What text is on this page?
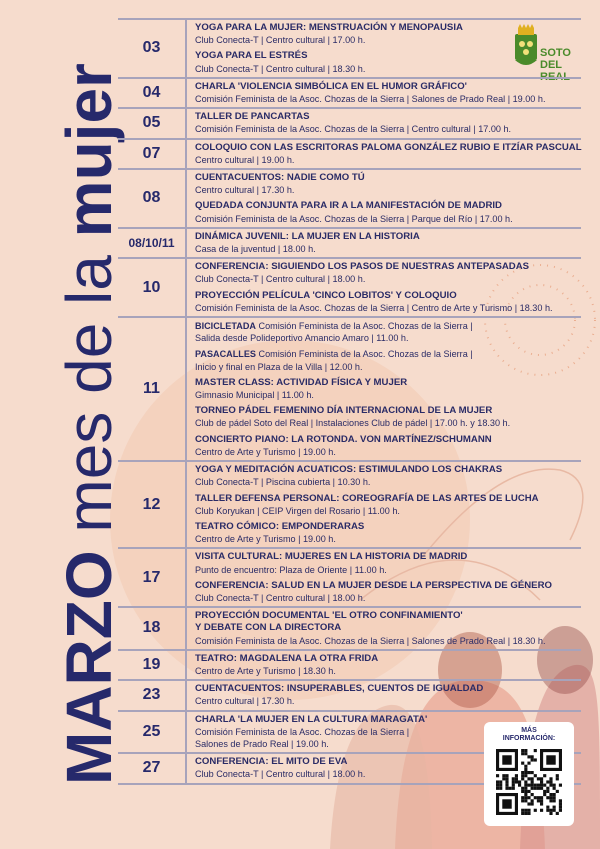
MARZO mes de la mujer
SOTO
DEL
REAL
03
YOGA PARA LA MUJER: MENSTRUACIÓN Y MENOPAUSIA
Club Conecta-T | Centro cultural | 17.00 h.
YOGA PARA EL ESTRÉS
Club Conecta-T | Centro cultural | 18.30 h.
04	CHARLA 'VIOLENCIA SIMBÓLICA EN EL HUMOR GRÁFICO'
Comisión Feminista de la Asoc. Chozas de la Sierra | Salones de Prado Real | 19.00 h.
05	TALLER DE PANCARTAS
Comisión Feminista de la Asoc. Chozas de la Sierra | Centro cultural | 17.00 h.
07	COLOQUIO CON LAS ESCRITORAS PALOMA GONZÁLEZ RUBIO E ITZÍAR PASCUAL
Centro cultural | 19.00 h.
08
CUENTACUENTOS: NADIE COMO TÚ
Centro cultural | 17.30 h.
QUEDADA CONJUNTA PARA IR A LA MANIFESTACIÓN DE MADRID
Comisión Feminista de la Asoc. Chozas de la Sierra | Parque del Río | 17.00 h.
08/10/11	DINÁMICA JUVENIL: LA MUJER EN LA HISTORIA
Casa de la juventud | 18.00 h.
10
CONFERENCIA: SIGUIENDO LOS PASOS DE NUESTRAS ANTEPASADAS
Club Conecta-T | Centro cultural | 18.00 h.
PROYECCIÓN PELÍCULA 'CINCO LOBITOS' Y COLOQUIO
Comisión Feminista de la Asoc. Chozas de la Sierra | Centro de Arte y Turismo | 18.30 h.
11
BICICLETADA Comisión Feminista de la Asoc. Chozas de la Sierra |
Salida desde Polideportivo Amancio Amaro | 11.00 h.
PASACALLES Comisión Feminista de la Asoc. Chozas de la Sierra |
Inicio y final en Plaza de la Villa | 12.00 h.
MASTER CLASS: ACTIVIDAD FÍSICA Y MUJER
Gimnasio Municipal | 11.00 h.
TORNEO PÁDEL FEMENINO DÍA INTERNACIONAL DE LA MUJER
Club de pádel Soto del Real | Instalaciones Club de pádel | 17.00 h. y 18.30 h.
CONCIERTO PIANO: LA ROTONDA. VON MARTÍNEZ/SCHUMANN
Centro de Arte y Turismo | 19.00 h.
12
YOGA Y MEDITACIÓN ACUATICOS: ESTIMULANDO LOS CHAKRAS
Club Conecta-T | Piscina cubierta | 10.30 h.
TALLER DEFENSA PERSONAL: COREOGRAFÍA DE LAS ARTES DE LUCHA
Club Koryukan | CEIP Virgen del Rosario | 11.00 h.
TEATRO CÓMICO: EMPONDERARAS
Centro de Arte y Turismo | 19.00 h.
17
VISITA CULTURAL: MUJERES EN LA HISTORIA DE MADRID
Punto de encuentro: Plaza de Oriente | 11.00 h.
CONFERENCIA: SALUD EN LA MUJER DESDE LA PERSPECTIVA DE GÉNERO
Club Conecta-T | Centro cultural | 18.00 h.
18
PROYECCIÓN DOCUMENTAL 'EL OTRO CONFINAMIENTO'
Y DEBATE CON LA DIRECTORA
Comisión Feminista de la Asoc. Chozas de la Sierra | Salones de Prado Real | 18.30 h.
19	TEATRO: MAGDALENA LA OTRA FRIDA
Centro de Arte y Turismo | 18.30 h.
23	CUENTACUENTOS: INSUPERABLES, CUENTOS DE IGUALDAD
Centro cultural | 17.30 h.
25
CHARLA 'LA MUJER EN LA CULTURA MARAGATA'
Comisión Feminista de la Asoc. Chozas de la Sierra |
Salones de Prado Real | 19.00 h.
27	CONFERENCIA: EL MITO DE EVA
Club Conecta-T | Centro cultural | 18.00 h.
MÁS
INFORMACIÓN:
